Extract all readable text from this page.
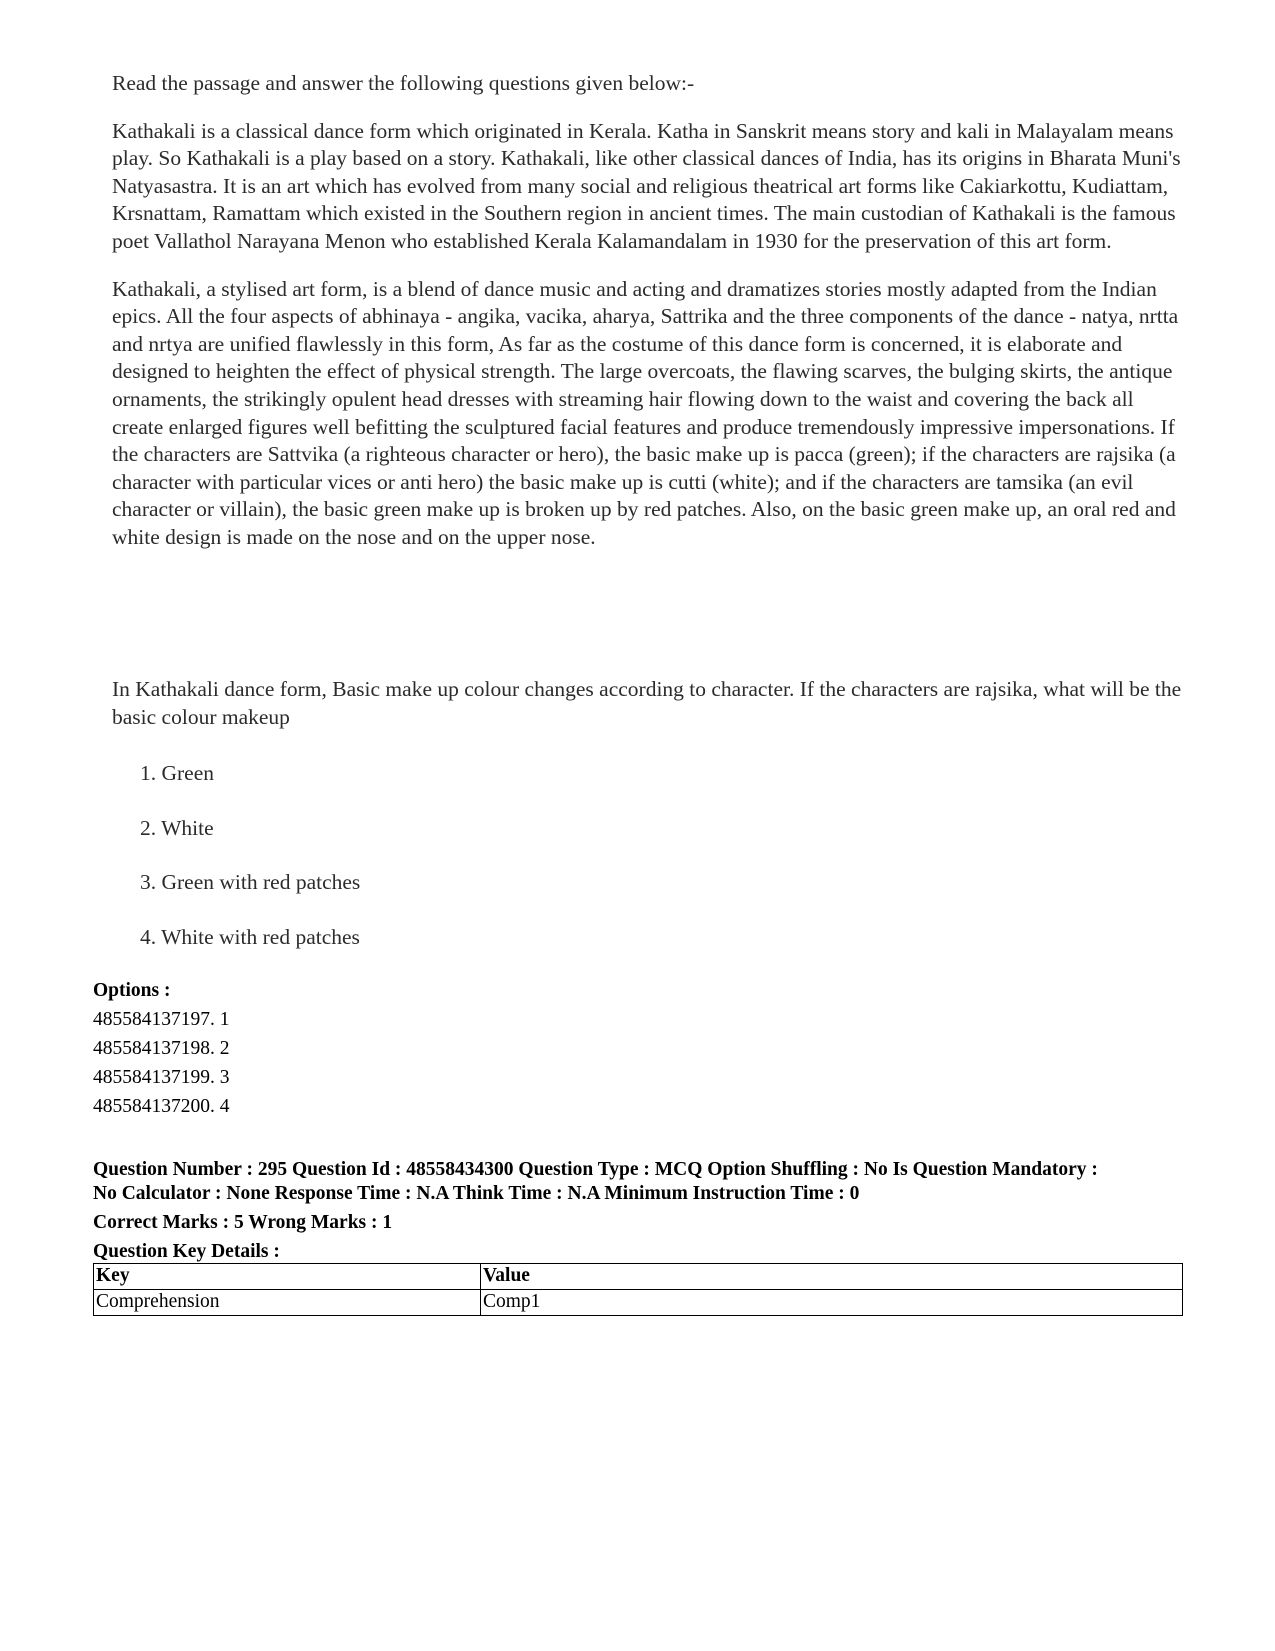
Read the passage and answer the following questions given below:-

Kathakali is a classical dance form which originated in Kerala. Katha in Sanskrit means story and kali in Malayalam means play. So Kathakali is a play based on a story. Kathakali, like other classical dances of India, has its origins in Bharata Muni's Natyasastra. It is an art which has evolved from many social and religious theatrical art forms like Cakiarkottu, Kudiattam, Krsnattam, Ramattam which existed in the Southern region in ancient times. The main custodian of Kathakali is the famous poet Vallathol Narayana Menon who established Kerala Kalamandalam in 1930 for the preservation of this art form.

Kathakali, a stylised art form, is a blend of dance music and acting and dramatizes stories mostly adapted from the Indian epics. All the four aspects of abhinaya - angika, vacika, aharya, Sattrika and the three components of the dance - natya, nrtta and nrtya are unified flawlessly in this form, As far as the costume of this dance form is concerned, it is elaborate and designed to heighten the effect of physical strength. The large overcoats, the flawing scarves, the bulging skirts, the antique ornaments, the strikingly opulent head dresses with streaming hair flowing down to the waist and covering the back all create enlarged figures well befitting the sculptured facial features and produce tremendously impressive impersonations. If the characters are Sattvika (a righteous character or hero), the basic make up is pacca (green); if the characters are rajsika (a character with particular vices or anti hero) the basic make up is cutti (white); and if the characters are tamsika (an evil character or villain), the basic green make up is broken up by red patches. Also, on the basic green make up, an oral red and white design is made on the nose and on the upper nose.

In Kathakali dance form, Basic make up colour changes according to character. If the characters are rajsika, what will be the basic colour makeup

1. Green
2. White
3. Green with red patches
4. White with red patches
Options :
485584137197. 1
485584137198. 2
485584137199. 3
485584137200. 4
Question Number : 295 Question Id : 48558434300 Question Type : MCQ Option Shuffling : No Is Question Mandatory :
No Calculator : None Response Time : N.A Think Time : N.A Minimum Instruction Time : 0
Correct Marks : 5 Wrong Marks : 1
Question Key Details :
Key	Value
Comprehension	Comp1
